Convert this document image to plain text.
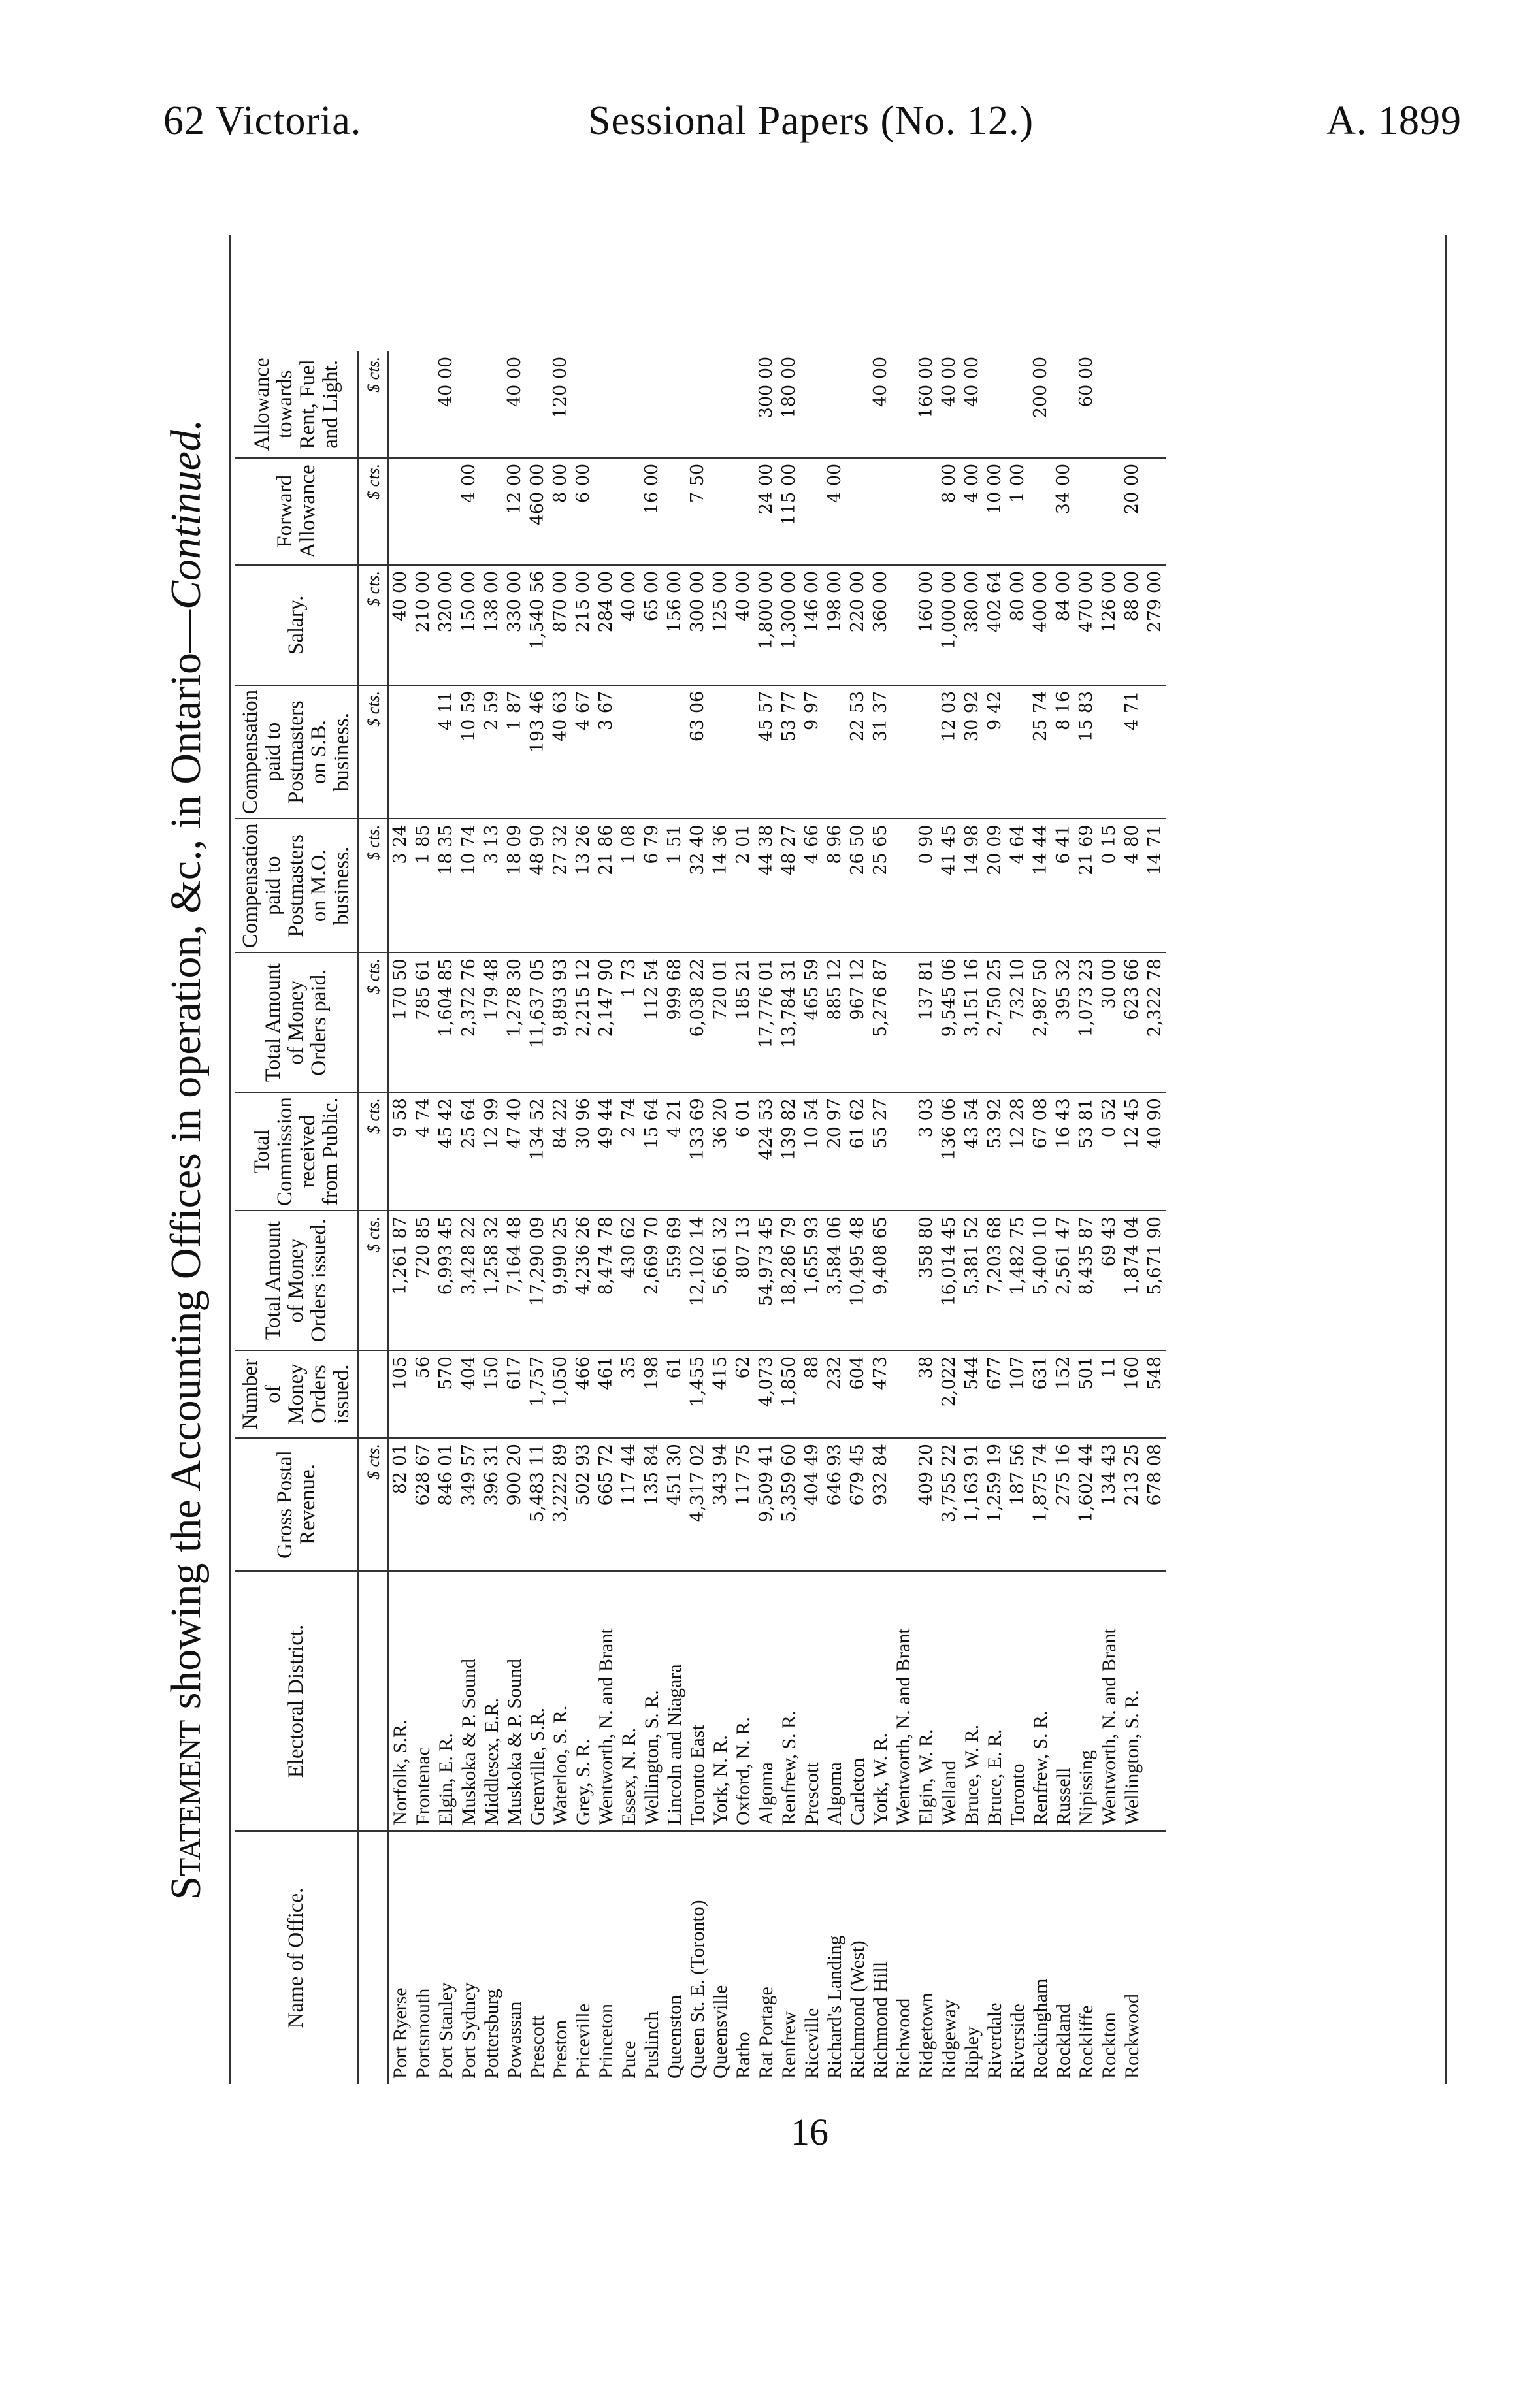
62 Victoria.	Sessional Papers (No. 12.)	A. 1899
Statement showing the Accounting Offices in operation, &c., in Ontario—Continued.
Name of Office.	Electoral District.	Gross Postal Revenue.	Number of Money Orders issued.	Total Amount of Money Orders issued.	Total Commission received from Public.	Total Amount of Money Orders paid.	Compensation paid to Postmasters on M.O. business.	Compensation paid to Postmasters on S.B. business.	Salary.	Forward Allowance	Allowance towards Rent, Fuel and Light.
		$ cts.		$ cts.	$ cts.	$ cts.	$ cts.	$ cts.	$ cts.	$ cts.	$ cts.
Port Ryerse	Norfolk, S.R.	82 01	105	1,261 87	9 58	170 50	3 24		40 00		
Portsmouth	Frontenac	628 67	56	720 85	4 74	785 61	1 85		210 00		
Port Stanley	Elgin, E. R.	846 01	570	6,993 45	45 42	1,604 85	18 35	4 11	320 00		40 00
Port Sydney	Muskoka & P. Sound	349 57	404	3,428 22	25 64	2,372 76	10 74	10 59	150 00	4 00	
Pottersburg	Middlesex, E.R.	396 31	150	1,258 32	12 99	179 48	3 13	2 59	138 00		
Powassan	Muskoka & P. Sound	900 20	617	7,164 48	47 40	1,278 30	18 09	1 87	330 00	12 00	40 00
Prescott	Grenville, S.R.	5,483 11	1,757	17,290 09	134 52	11,637 05	48 90	193 46	1,540 56	460 00	
Preston	Waterloo, S. R.	3,222 89	1,050	9,990 25	84 22	9,893 93	27 32	40 63	870 00	8 00	120 00
Priceville	Grey, S. R.	502 93	466	4,236 26	30 96	2,215 12	13 26	4 67	215 00	6 00	
Princeton	Wentworth, N. and Brant	665 72	461	8,474 78	49 44	2,147 90	21 86	3 67	284 00		
Puce	Essex, N. R.	117 44	35	430 62	2 74	1 73	1 08		40 00		
Puslinch	Wellington, S. R.	135 84	198	2,669 70	15 64	112 54	6 79		65 00	16 00	
Queenston	Lincoln and Niagara	451 30	61	559 69	4 21	999 68	1 51		156 00		
Queen St. E. (Toronto)	Toronto East	4,317 02	1,455	12,102 14	133 69	6,038 22	32 40	63 06	300 00	7 50	
Queensville	York, N. R.	343 94	415	5,661 32	36 20	720 01	14 36		125 00		
Ratho	Oxford, N. R.	117 75	62	807 13	6 01	185 21	2 01		40 00		
Rat Portage	Algoma	9,509 41	4,073	54,973 45	424 53	17,776 01	44 38	45 57	1,800 00	24 00	300 00
Renfrew	Renfrew, S. R.	5,359 60	1,850	18,286 79	139 82	13,784 31	48 27	53 77	1,300 00	115 00	180 00
Riceville	Prescott	404 49	88	1,655 93	10 54	465 59	4 66	9 97	146 00		
Richard's Landing	Algoma	646 93	232	3,584 06	20 97	885 12	8 96		198 00	4 00	
Richmond (West)	Carleton	679 45	604	10,495 48	61 62	967 12	26 50	22 53	220 00		
Richmond Hill	York, W. R.	932 84	473	9,408 65	55 27	5,276 87	25 65	31 37	360 00		40 00
Richwood	Wentworth, N. and Brant										
Ridgetown	Elgin, W. R.	409 20	38	358 80	3 03	137 81	0 90		160 00		160 00
Ridgeway	Welland	3,755 22	2,022	16,014 45	136 06	9,545 06	41 45	12 03	1,000 00	8 00	40 00
Ripley	Bruce, W. R.	1,163 91	544	5,381 52	43 54	3,151 16	14 98	30 92	380 00	4 00	40 00
Riverdale	Bruce, E. R.	1,259 19	677	7,203 68	53 92	2,750 25	20 09	9 42	402 64	10 00	
Riverside	Toronto	187 56	107	1,482 75	12 28	732 10	4 64		80 00	1 00	
Rockingham	Renfrew, S. R.	1,875 74	631	5,400 10	67 08	2,987 50	14 44	25 74	400 00		200 00
Rockland	Russell	275 16	152	2,561 47	16 43	395 32	6 41	8 16	84 00	34 00	
Rockliffe	Nipissing	1,602 44	501	8,435 87	53 81	1,073 23	21 69	15 83	470 00		60 00
Rockton	Wentworth, N. and Brant	134 43	11	69 43	0 52	30 00	0 15		126 00		
Rockwood	Wellington, S. R.	213 25	160	1,874 04	12 45	623 66	4 80	4 71	88 00	20 00	
		678 08	548	5,671 90	40 90	2,322 78	14 71		279 00		
16
